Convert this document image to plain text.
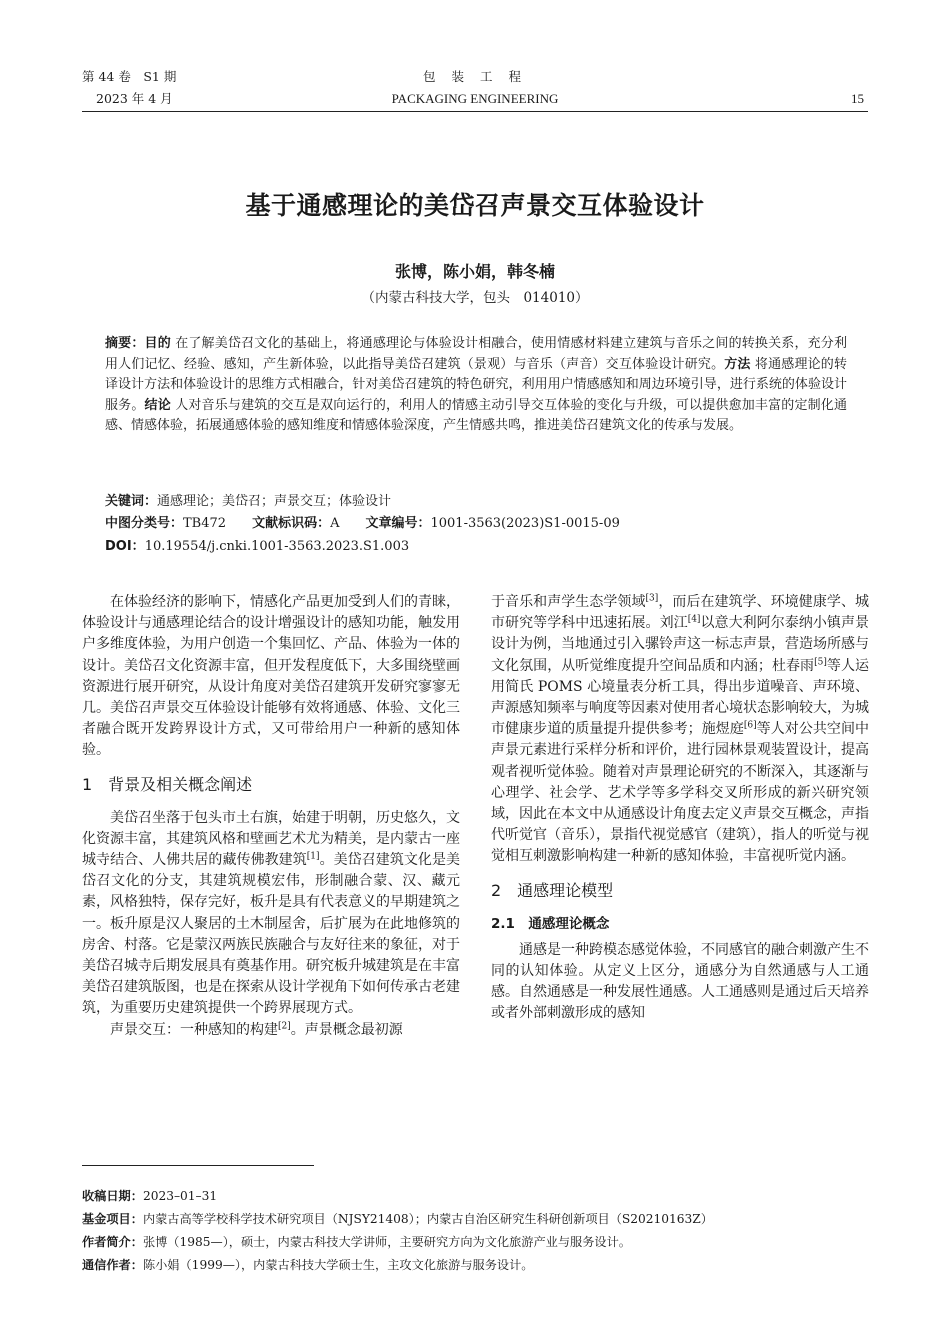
第 44 卷　S1 期
2023 年 4 月
包 装 工 程
PACKAGING ENGINEERING	15
基于通感理论的美岱召声景交互体验设计
张博，陈小娟，韩冬楠
（内蒙古科技大学，包头　014010）
摘要：目的 在了解美岱召文化的基础上，将通感理论与体验设计相融合，使用情感材料建立建筑与音乐之间的转换关系，充分利用人们记忆、经验、感知，产生新体验，以此指导美岱召建筑（景观）与音乐（声音）交互体验设计研究。方法 将通感理论的转译设计方法和体验设计的思维方式相融合，针对美岱召建筑的特色研究，利用用户情感感知和周边环境引导，进行系统的体验设计服务。结论 人对音乐与建筑的交互是双向运行的，利用人的情感主动引导交互体验的变化与升级，可以提供愈加丰富的定制化通感、情感体验，拓展通感体验的感知维度和情感体验深度，产生情感共鸣，推进美岱召建筑文化的传承与发展。
关键词：通感理论；美岱召；声景交互；体验设计
中图分类号：TB472 文献标识码：A 文章编号：1001-3563(2023)S1-0015-09
DOI：10.19554/j.cnki.1001-3563.2023.S1.003

在体验经济的影响下，情感化产品更加受到人们的青睐，体验设计与通感理论结合的设计增强设计的感知功能，触发用户多维度体验，为用户创造一个集回忆、产品、体验为一体的设计。美岱召文化资源丰富，但开发程度低下，大多围绕壁画资源进行展开研究，从设计角度对美岱召建筑开发研究寥寥无几。美岱召声景交互体验设计能够有效将通感、体验、文化三者融合既开发跨界设计方式，又可带给用户一种新的感知体验。

1　背景及相关概念阐述

美岱召坐落于包头市土右旗，始建于明朝，历史悠久，文化资源丰富，其建筑风格和壁画艺术尤为精美，是内蒙古一座城寺结合、人佛共居的藏传佛教建筑[1]。美岱召建筑文化是美岱召文化的分支，其建筑规模宏伟，形制融合蒙、汉、藏元素，风格独特，保存完好，板升是具有代表意义的早期建筑之一。板升原是汉人聚居的土木制屋舍，后扩展为在此地修筑的房舍、村落。它是蒙汉两族民族融合与友好往来的象征，对于美岱召城寺后期发展具有奠基作用。研究板升城建筑是在丰富美岱召建筑版图，也是在探索从设计学视角下如何传承古老建筑，为重要历史建筑提供一个跨界展现方式。

声景交互：一种感知的构建[2]。声景概念最初源

于音乐和声学生态学领域[3]，而后在建筑学、环境健康学、城市研究等学科中迅速拓展。刘江[4]以意大利阿尔泰纳小镇声景设计为例，当地通过引入骡铃声这一标志声景，营造场所感与文化氛围，从听觉维度提升空间品质和内涵；杜春雨[5]等人运用简氏 POMS 心境量表分析工具，得出步道噪音、声环境、声源感知频率与响度等因素对使用者心境状态影响较大，为城市健康步道的质量提升提供参考；施煜庭[6]等人对公共空间中声景元素进行采样分析和评价，进行园林景观装置设计，提高观者视听觉体验。随着对声景理论研究的不断深入，其逐渐与心理学、社会学、艺术学等多学科交叉所形成的新兴研究领域，因此在本文中从通感设计角度去定义声景交互概念，声指代听觉官（音乐），景指代视觉感官（建筑），指人的听觉与视觉相互刺激影响构建一种新的感知体验，丰富视听觉内涵。

2　通感理论模型
2.1　通感理论概念

通感是一种跨模态感觉体验，不同感官的融合刺激产生不同的认知体验。从定义上区分，通感分为自然通感与人工通感。自然通感是一种发展性通感。人工通感则是通过后天培养或者外部刺激形成的感知

收稿日期：2023–01–31
基金项目：内蒙古高等学校科学技术研究项目（NJSY21408）；内蒙古自治区研究生科研创新项目（S20210163Z）
作者简介：张博（1985—），硕士，内蒙古科技大学讲师，主要研究方向为文化旅游产业与服务设计。
通信作者：陈小娟（1999—），内蒙古科技大学硕士生，主攻文化旅游与服务设计。
